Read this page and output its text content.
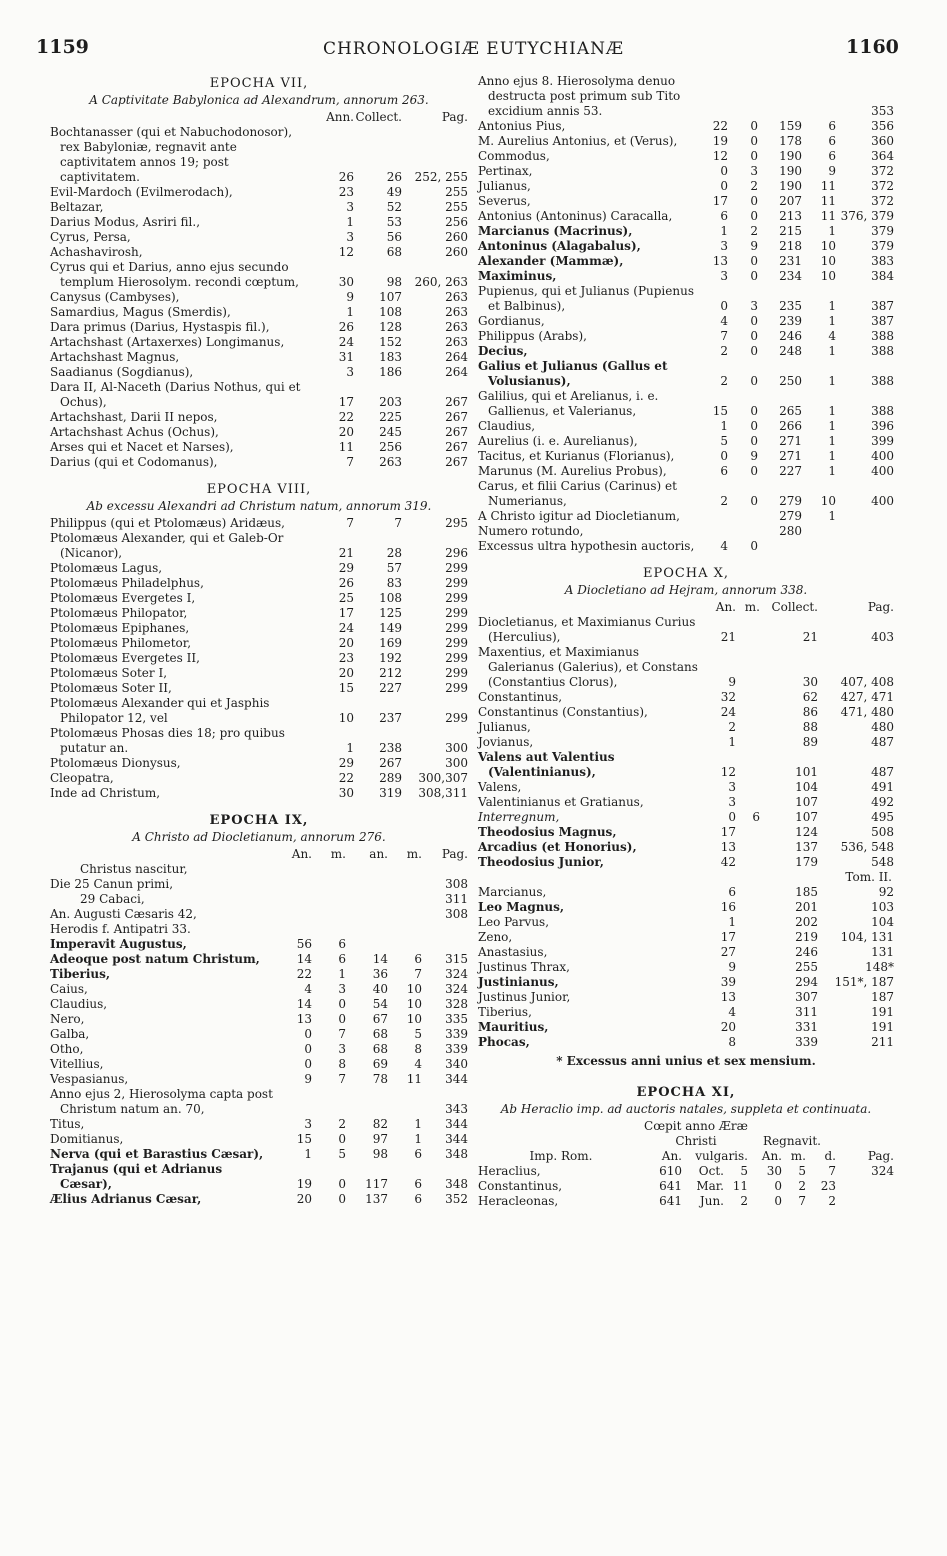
1159	CHRONOLOGIÆ EUTYCHIANÆ	1160
EPOCHA VII,
A Captivitate Babylonica ad Alexandrum, annorum 263.
	Ann.	Collect.	Pag.
Bochtanasser (qui et Nabuchodonosor), rex Babyloniæ, regnavit ante captivitatem annos 19; post captivitatem.	26	26	252, 255
Evil-Mardoch (Evilmerodach),	23	49	255
Beltazar,	3	52	255
Darius Modus, Asriri fil.,	1	53	256
Cyrus, Persa,	3	56	260
Achashavirosh,	12	68	260
Cyrus qui et Darius, anno ejus secundo templum Hierosolym. recondi cœptum,	30	98	260, 263
Canysus (Cambyses),	9	107	263
Samardius, Magus (Smerdis),	1	108	263
Dara primus (Darius, Hystaspis fil.),	26	128	263
Artachshast (Artaxerxes) Longimanus,	24	152	263
Artachshast Magnus,	31	183	264
Saadianus (Sogdianus),	3	186	264
Dara II, Al-Naceth (Darius Nothus, qui et Ochus),	17	203	267
Artachshast, Darii II nepos,	22	225	267
Artachshast Achus (Ochus),	20	245	267
Arses qui et Nacet et Narses),	11	256	267
Darius (qui et Codomanus),	7	263	267
EPOCHA VIII,
Ab excessu Alexandri ad Christum natum, annorum 319.
Philippus (qui et Ptolomæus) Aridæus,	7	7	295
Ptolomæus Alexander, qui et Galeb-Or (Nicanor),	21	28	296
Ptolomæus Lagus,	29	57	299
Ptolomæus Philadelphus,	26	83	299
Ptolomæus Evergetes I,	25	108	299
Ptolomæus Philopator,	17	125	299
Ptolomæus Epiphanes,	24	149	299
Ptolomæus Philometor,	20	169	299
Ptolomæus Evergetes II,	23	192	299
Ptolomæus Soter I,	20	212	299
Ptolomæus Soter II,	15	227	299
Ptolomæus Alexander qui et Jasphis Philopator 12, vel	10	237	299
Ptolomæus Phosas dies 18; pro quibus putatur an.	1	238	300
Ptolomæus Dionysus,	29	267	300
Cleopatra,	22	289	300,307
Inde ad Christum,	30	319	308,311
EPOCHA IX,
A Christo ad Diocletianum, annorum 276.
	An.	m.	an.	m.	Pag.
Christus nascitur,					
Die 25 Canun primi,					308
29 Cabaci,					311
An. Augusti Cæsaris 42,					308
Herodis f. Antipatri 33.					
Imperavit Augustus,	56	6			
Adeoque post natum Christum,	14	6	14	6	315
Tiberius,	22	1	36	7	324
Caius,	4	3	40	10	324
Claudius,	14	0	54	10	328
Nero,	13	0	67	10	335
Galba,	0	7	68	5	339
Otho,	0	3	68	8	339
Vitellius,	0	8	69	4	340
Vespasianus,	9	7	78	11	344
Anno ejus 2, Hierosolyma capta post Christum natum an. 70,					343
Titus,	3	2	82	1	344
Domitianus,	15	0	97	1	344
Nerva (qui et Barastius Cæsar),	1	5	98	6	348
Trajanus (qui et Adrianus Cæsar),	19	0	117	6	348
Ælius Adrianus Cæsar,	20	0	137	6	352
Anno ejus 8. Hierosolyma denuo destructa post primum sub Tito excidium annis 53.					353
Antonius Pius,	22	0	159	6	356
M. Aurelius Antonius, et (Verus),	19	0	178	6	360
Commodus,	12	0	190	6	364
Pertinax,	0	3	190	9	372
Julianus,	0	2	190	11	372
Severus,	17	0	207	11	372
Antonius (Antoninus) Caracalla,	6	0	213	11	376, 379
Marcianus (Macrinus),	1	2	215	1	379
Antoninus (Alagabalus),	3	9	218	10	379
Alexander (Mammæ),	13	0	231	10	383
Maximinus,	3	0	234	10	384
Pupienus, qui et Julianus (Pupienus et Balbinus),	0	3	235	1	387
Gordianus,	4	0	239	1	387
Philippus (Arabs),	7	0	246	4	388
Decius,	2	0	248	1	388
Galius et Julianus (Gallus et Volusianus),	2	0	250	1	388
Galilius, qui et Arelianus, i. e. Gallienus, et Valerianus,	15	0	265	1	388
Claudius,	1	0	266	1	396
Aurelius (i. e. Aurelianus),	5	0	271	1	399
Tacitus, et Kurianus (Florianus),	0	9	271	1	400
Marunus (M. Aurelius Probus),	6	0	227	1	400
Carus, et filii Carius (Carinus) et Numerianus,	2	0	279	10	400
A Christo igitur ad Diocletianum,			279	1	
Numero rotundo,			280		
Excessus ultra hypothesin auctoris,	4	0			
EPOCHA X,
A Diocletiano ad Hejram, annorum 338.
	An.	m.	Collect.	Pag.
Diocletianus, et Maximianus Curius (Herculius),	21		21	403
Maxentius, et Maximianus Galerianus (Galerius), et Constans (Constantius Clorus),	9		30	407, 408
Constantinus,	32		62	427, 471
Constantinus (Constantius),	24		86	471, 480
Julianus,	2		88	480
Jovianus,	1		89	487
Valens aut Valentius (Valentinianus),	12		101	487
Valens,	3		104	491
Valentinianus et Gratianus,	3		107	492
Interregnum,	0	6	107	495
Theodosius Magnus,	17		124	508
Arcadius (et Honorius),	13		137	536, 548
Theodosius Junior,	42		179	548
Tom. II.				
Marcianus,	6		185	92
Leo Magnus,	16		201	103
Leo Parvus,	1		202	104
Zeno,	17		219	104, 131
Anastasius,	27		246	131
Justinus Thrax,	9		255	148*
Justinianus,	39		294	151*, 187
Justinus Junior,	13		307	187
Tiberius,	4		311	191
Mauritius,	20		331	191
Phocas,	8		339	211
* Excessus anni unius et sex mensium.
EPOCHA XI,
Ab Heraclio imp. ad auctoris natales, suppleta et continuata.
	Cœpit anno Æræ Christi			Regnavit.			
Imp. Rom.	An.	vulgaris.		An.	m.	d.	Pag.
Heraclius,	610	Oct.	5	30	5	7	324
Constantinus,	641	Mar.	11	0	2	23	
Heracleonas,	641	Jun.	2	0	7	2	
